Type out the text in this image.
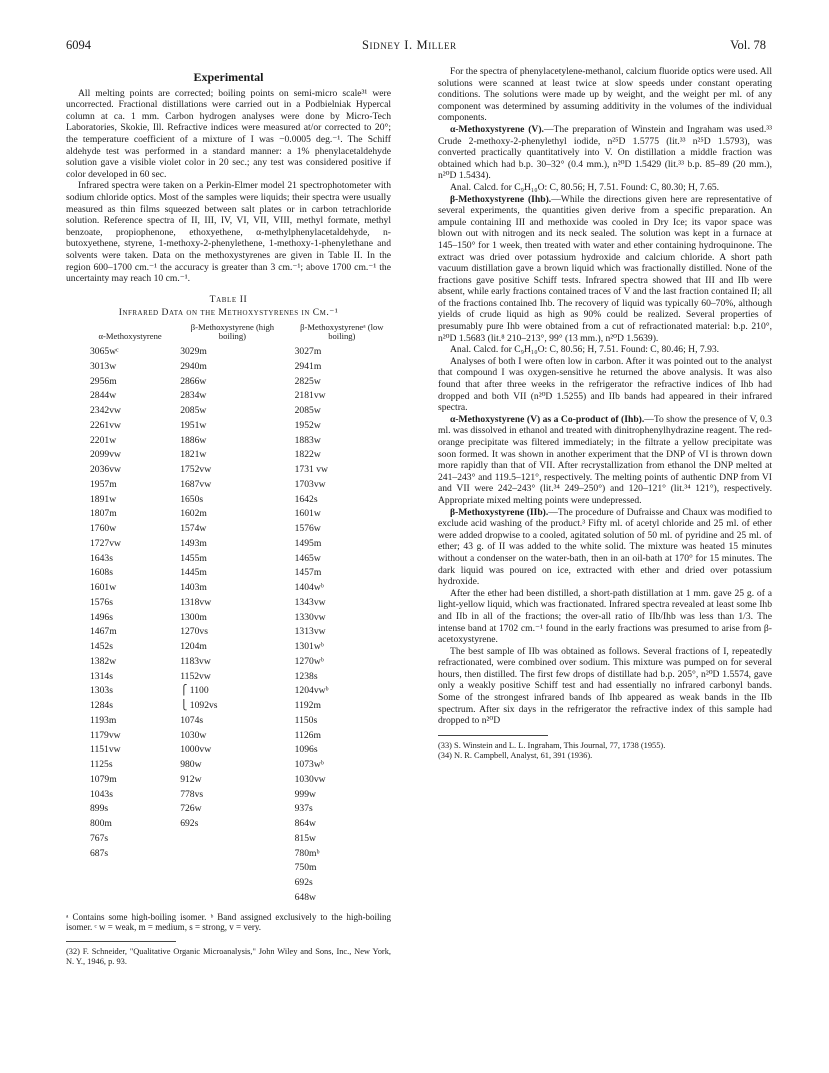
6094	Sidney I. Miller	Vol. 78
Experimental

All melting points are corrected; boiling points on semi-micro scale³¹ were uncorrected. Fractional distillations were carried out in a Podbielniak Hypercal column at ca. 1 mm. Carbon hydrogen analyses were done by Micro-Tech Laboratories, Skokie, Ill. Refractive indices were measured at/or corrected to 20°; the temperature coefficient of a mixture of I was −0.0005 deg.⁻¹. The Schiff aldehyde test was performed in a standard manner: a 1% phenylacetaldehyde solution gave a visible violet color in 20 sec.; any test was considered positive if color developed in 60 sec.

Infrared spectra were taken on a Perkin-Elmer model 21 spectrophotometer with sodium chloride optics. Most of the samples were liquids; their spectra were usually measured as thin films squeezed between salt plates or in carbon tetrachloride solution. Reference spectra of II, III, IV, VI, VII, VIII, methyl formate, methyl benzoate, propiophenone, ethoxyethene, α-methylphenylacetaldehyde, n-butoxyethene, styrene, 1-methoxy-2-phenylethene, 1-methoxy-1-phenylethane and solvents were taken. Data on the methoxystyrenes are given in Table II. In the region 600–1700 cm.⁻¹ the accuracy is greater than 3 cm.⁻¹; above 1700 cm.⁻¹ the uncertainty may reach 10 cm.⁻¹.

Table II
Infrared Data on the Methoxystyrenes in Cm.⁻¹
α-Methoxystyrene	β-Methoxystyrene (high boiling)	β-Methoxystyreneᵃ (low boiling)
3065wᶜ	3029m	3027m
3013w	2940m	2941m
2956m	2866w	2825w
2844w	2834w	2181vw
2342vw	2085w	2085w
2261vw	1951w	1952w
2201w	1886w	1883w
2099vw	1821w	1822w
2036vw	1752vw	1731 vw
1957m	1687vw	1703vw
1891w	1650s	1642s
1807m	1602m	1601w
1760w	1574w	1576w
1727vw	1493m	1495m
1643s	1455m	1465w
1608s	1445m	1457m
1601w	1403m	1404wᵇ
1576s	1318vw	1343vw
1496s	1300m	1330vw
1467m	1270vs	1313vw
1452s	1204m	1301wᵇ
1382w	1183vw	1270wᵇ
1314s	1152vw	1238s
1303s	⎧ 1100	1204vwᵇ
1284s	⎩ 1092vs	1192m
1193m	1074s	1150s
1179vw	1030w	1126m
1151vw	1000vw	1096s
1125s	980w	1073wᵇ
1079m	912w	1030vw
1043s	778vs	999w
899s	726w	937s
800m	692s	864w
767s		815w
687s		780mᵇ
		750m
		692s
		648w
ᵃ Contains some high-boiling isomer. ᵇ Band assigned exclusively to the high-boiling isomer. ᶜ w = weak, m = medium, s = strong, v = very.

(32) F. Schneider, "Qualitative Organic Microanalysis," John Wiley and Sons, Inc., New York, N. Y., 1946, p. 93.

For the spectra of phenylacetylene-methanol, calcium fluoride optics were used. All solutions were scanned at least twice at slow speeds under constant operating conditions. The solutions were made up by weight, and the weight per ml. of any component was determined by assuming additivity in the volumes of the individual components.

α-Methoxystyrene (V).—The preparation of Winstein and Ingraham was used.³³ Crude 2-methoxy-2-phenylethyl iodide, n²⁵D 1.5775 (lit.³³ n²⁵D 1.5793), was converted practically quantitatively into V. On distillation a middle fraction was obtained which had b.p. 30–32° (0.4 mm.), n²⁰D 1.5429 (lit.³³ b.p. 85–89 (20 mm.), n²⁰D 1.5434).

Anal. Calcd. for C₉H₁₀O: C, 80.56; H, 7.51. Found: C, 80.30; H, 7.65.

β-Methoxystyrene (Ihb).—While the directions given here are representative of several experiments, the quantities given derive from a specific preparation. An ampule containing III and methoxide was cooled in Dry Ice; its vapor space was blown out with nitrogen and its neck sealed. The solution was kept in a furnace at 145–150° for 1 week, then treated with water and ether containing hydroquinone. The extract was dried over potassium hydroxide and calcium chloride. A short path vacuum distillation gave a brown liquid which was fractionally distilled. None of the fractions gave positive Schiff tests. Infrared spectra showed that III and IIb were absent, while early fractions contained traces of V and the last fraction contained II; all of the fractions contained Ihb. The recovery of liquid was typically 60–70%, although yields of crude liquid as high as 90% could be realized. Several properties of presumably pure Ihb were obtained from a cut of refractionated material: b.p. 210°, n²⁰D 1.5683 (lit.⁸ 210–213°, 99° (13 mm.), n²⁰D 1.5639).

Anal. Calcd. for C₉H₁₀O: C, 80.56; H, 7.51. Found: C, 80.46; H, 7.93.

Analyses of both I were often low in carbon. After it was pointed out to the analyst that compound I was oxygen-sensitive he returned the above analysis. It was also found that after three weeks in the refrigerator the refractive indices of Ihb had dropped and both VII (n²⁰D 1.5255) and IIb bands had appeared in their infrared spectra.

α-Methoxystyrene (V) as a Co-product of (Ihb).—To show the presence of V, 0.3 ml. was dissolved in ethanol and treated with dinitrophenylhydrazine reagent. The red-orange precipitate was filtered immediately; in the filtrate a yellow precipitate was soon formed. It was shown in another experiment that the DNP of VI is thrown down more rapidly than that of VII. After recrystallization from ethanol the DNP melted at 241–243° and 119.5–121°, respectively. The melting points of authentic DNP from VI and VII were 242–243° (lit.³⁴ 249–250°) and 120–121° (lit.³⁴ 121°), respectively. Appropriate mixed melting points were undepressed.

β-Methoxystyrene (IIb).—The procedure of Dufraisse and Chaux was modified to exclude acid washing of the product.³ Fifty ml. of acetyl chloride and 25 ml. of ether were added dropwise to a cooled, agitated solution of 50 ml. of pyridine and 25 ml. of ether; 43 g. of II was added to the white solid. The mixture was heated 15 minutes without a condenser on the water-bath, then in an oil-bath at 170° for 15 minutes. The dark liquid was poured on ice, extracted with ether and dried over potassium hydroxide.

After the ether had been distilled, a short-path distillation at 1 mm. gave 25 g. of a light-yellow liquid, which was fractionated. Infrared spectra revealed at least some Ihb and IIb in all of the fractions; the over-all ratio of IIb/Ihb was less than 1/3. The intense band at 1702 cm.⁻¹ found in the early fractions was presumed to arise from β-acetoxystyrene.

The best sample of IIb was obtained as follows. Several fractions of I, repeatedly refractionated, were combined over sodium. This mixture was pumped on for several hours, then distilled. The first few drops of distillate had b.p. 205°, n²⁰D 1.5574, gave only a weakly positive Schiff test and had essentially no infrared carbonyl bands. Some of the strongest infrared bands of Ihb appeared as weak bands in the IIb spectrum. After six days in the refrigerator the refractive index of this sample had dropped to n²⁰D

(33) S. Winstein and L. L. Ingraham, This Journal, 77, 1738 (1955).

(34) N. R. Campbell, Analyst, 61, 391 (1936).
